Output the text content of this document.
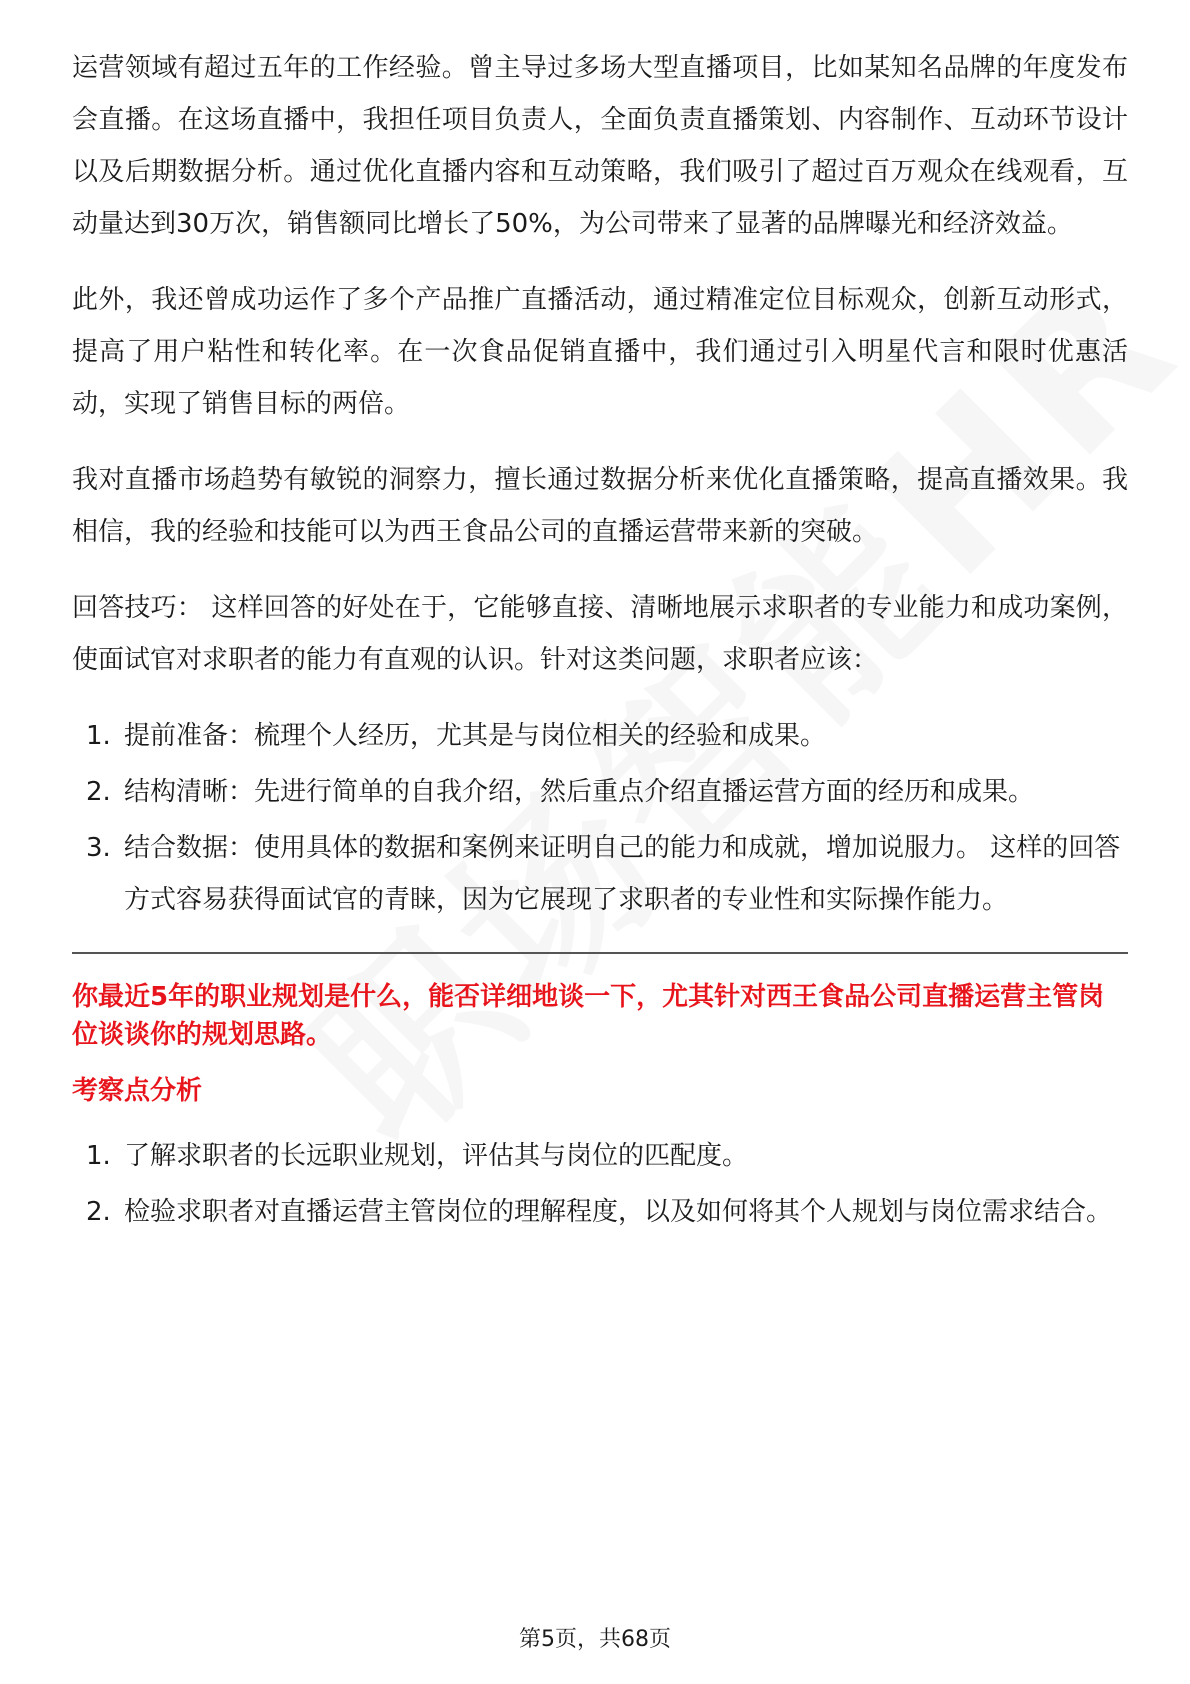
运营领域有超过五年的工作经验。曾主导过多场大型直播项目，比如某知名品牌的年度发布会直播。在这场直播中，我担任项目负责人，全面负责直播策划、内容制作、互动环节设计以及后期数据分析。通过优化直播内容和互动策略，我们吸引了超过百万观众在线观看，互动量达到30万次，销售额同比增长了50%，为公司带来了显著的品牌曝光和经济效益。

此外，我还曾成功运作了多个产品推广直播活动，通过精准定位目标观众，创新互动形式，提高了用户粘性和转化率。在一次食品促销直播中，我们通过引入明星代言和限时优惠活动，实现了销售目标的两倍。

我对直播市场趋势有敏锐的洞察力，擅长通过数据分析来优化直播策略，提高直播效果。我相信，我的经验和技能可以为西王食品公司的直播运营带来新的突破。

回答技巧： 这样回答的好处在于，它能够直接、清晰地展示求职者的专业能力和成功案例，使面试官对求职者的能力有直观的认识。针对这类问题，求职者应该：

1. 提前准备：梳理个人经历，尤其是与岗位相关的经验和成果。
2. 结构清晰：先进行简单的自我介绍，然后重点介绍直播运营方面的经历和成果。
3. 结合数据：使用具体的数据和案例来证明自己的能力和成就，增加说服力。 这样的回答方式容易获得面试官的青睐，因为它展现了求职者的专业性和实际操作能力。

你最近5年的职业规划是什么，能否详细地谈一下，尤其针对西王食品公司直播运营主管岗位谈谈你的规划思路。

考察点分析

1. 了解求职者的长远职业规划，评估其与岗位的匹配度。
2. 检验求职者对直播运营主管岗位的理解程度，以及如何将其个人规划与岗位需求结合。
第5页，共68页
